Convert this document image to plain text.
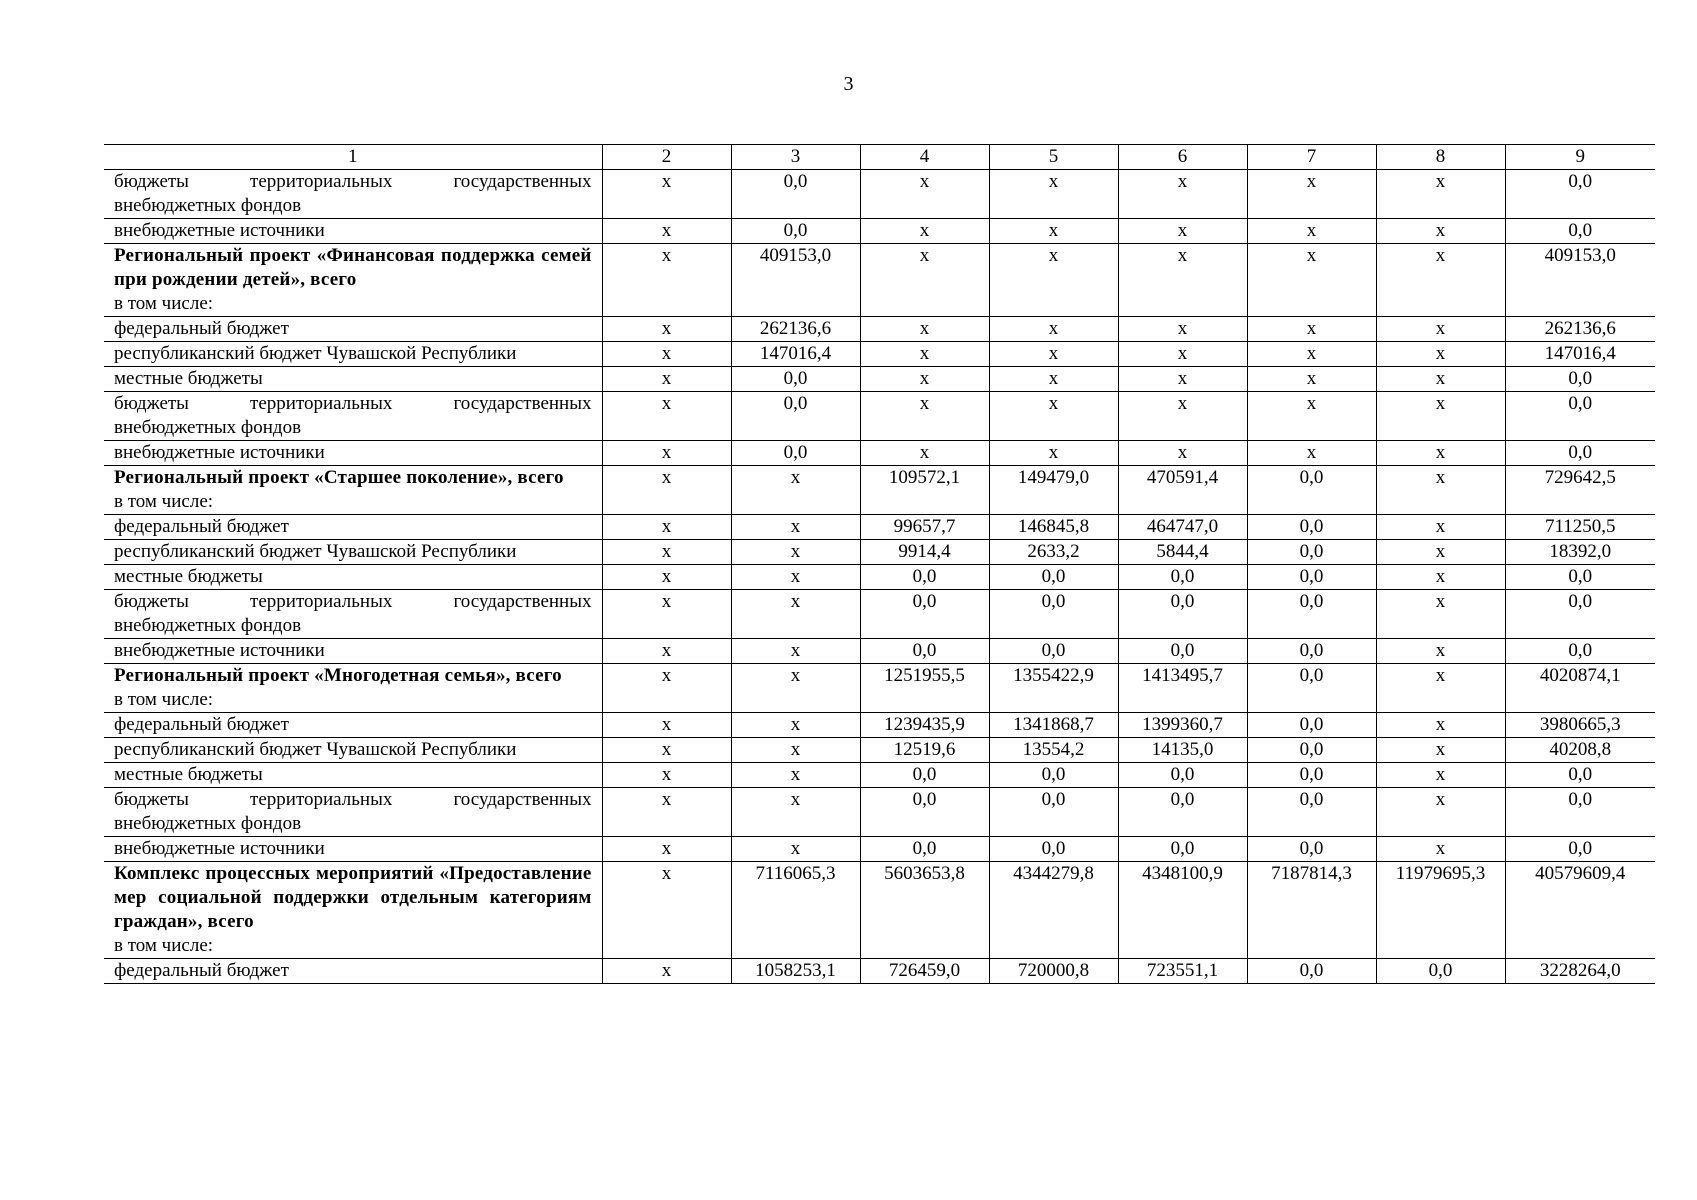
3
1	2	3	4	5	6	7	8	9

бюджеты территориальных государственных
внебюджетных фондов	x	0,0	x	x	x	x	x	0,0

внебюджетные источники	x	0,0	x	x	x	x	x	0,0

Региональный проект «Финансовая поддержка семей при рождении детей», всего
в том числе:	x	409153,0	x	x	x	x	x	409153,0

федеральный бюджет	x	262136,6	x	x	x	x	x	262136,6

республиканский бюджет Чувашской Республики	x	147016,4	x	x	x	x	x	147016,4

местные бюджеты	x	0,0	x	x	x	x	x	0,0

бюджеты территориальных государственных
внебюджетных фондов	x	0,0	x	x	x	x	x	0,0

внебюджетные источники	x	0,0	x	x	x	x	x	0,0

Региональный проект «Старшее поколение», всего
в том числе:	x	x	109572,1	149479,0	470591,4	0,0	x	729642,5

федеральный бюджет	x	x	99657,7	146845,8	464747,0	0,0	x	711250,5

республиканский бюджет Чувашской Республики	x	x	9914,4	2633,2	5844,4	0,0	x	18392,0

местные бюджеты	x	x	0,0	0,0	0,0	0,0	x	0,0

бюджеты территориальных государственных
внебюджетных фондов	x	x	0,0	0,0	0,0	0,0	x	0,0

внебюджетные источники	x	x	0,0	0,0	0,0	0,0	x	0,0

Региональный проект «Многодетная семья», всего
в том числе:	x	x	1251955,5	1355422,9	1413495,7	0,0	x	4020874,1

федеральный бюджет	x	x	1239435,9	1341868,7	1399360,7	0,0	x	3980665,3

республиканский бюджет Чувашской Республики	x	x	12519,6	13554,2	14135,0	0,0	x	40208,8

местные бюджеты	x	x	0,0	0,0	0,0	0,0	x	0,0

бюджеты территориальных государственных
внебюджетных фондов	x	x	0,0	0,0	0,0	0,0	x	0,0

внебюджетные источники	x	x	0,0	0,0	0,0	0,0	x	0,0

Комплекс процессных мероприятий «Предоставление мер социальной поддержки отдельным категориям граждан», всего
в том числе:	x	7116065,3	5603653,8	4344279,8	4348100,9	7187814,3	11979695,3	40579609,4

федеральный бюджет	x	1058253,1	726459,0	720000,8	723551,1	0,0	0,0	3228264,0
